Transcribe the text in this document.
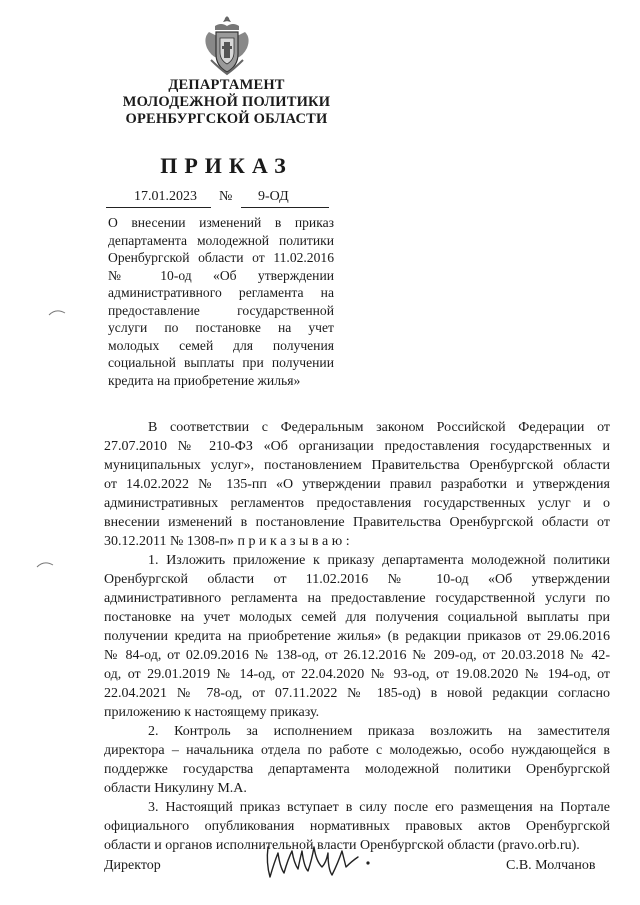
ДЕПАРТАМЕНТ
МОЛОДЕЖНОЙ ПОЛИТИКИ
ОРЕНБУРГСКОЙ ОБЛАСТИ
ПРИКАЗ
17.01.2023 № 9-ОД
О внесении изменений в приказ
департамента молодежной политики
Оренбургской области от 11.02.2016
№ 10-од «Об утверждении
административного регламента на
предоставление государственной
услуги по постановке на учет
молодых семей для получения
социальной выплаты при получении
кредита на приобретение жилья»
В соответствии с Федеральным законом Российской Федерации от
27.07.2010 № 210-ФЗ «Об организации предоставления государственных и
муниципальных услуг», постановлением Правительства Оренбургской области
от 14.02.2022 № 135-пп «О утверждении правил разработки и утверждения
административных регламентов предоставления государственных услуг и о
внесении изменений в постановление Правительства Оренбургской области от
30.12.2011 № 1308-п» п р и к а з ы в а ю :
1. Изложить приложение к приказу департамента молодежной политики
Оренбургской области от 11.02.2016 № 10-од «Об утверждении
административного регламента на предоставление государственной услуги по
постановке на учет молодых семей для получения социальной выплаты при
получении кредита на приобретение жилья» (в редакции приказов от 29.06.2016
№ 84-од, от 02.09.2016 № 138-од, от 26.12.2016 № 209-од, от 20.03.2018 № 42-
од, от 29.01.2019 № 14-од, от 22.04.2020 № 93-од, от 19.08.2020 № 194-од, от
22.04.2021 № 78-од, от 07.11.2022 № 185-од) в новой редакции согласно
приложению к настоящему приказу.
2. Контроль за исполнением приказа возложить на заместителя
директора – начальника отдела по работе с молодежью, особо нуждающейся в
поддержке государства департамента молодежной политики Оренбургской
области Никулину М.А.
3. Настоящий приказ вступает в силу после его размещения на Портале
официального опубликования нормативных правовых актов Оренбургской
области и органов исполнительной власти Оренбургской области (pravo.orb.ru).
Директор	С.В. Молчанов
